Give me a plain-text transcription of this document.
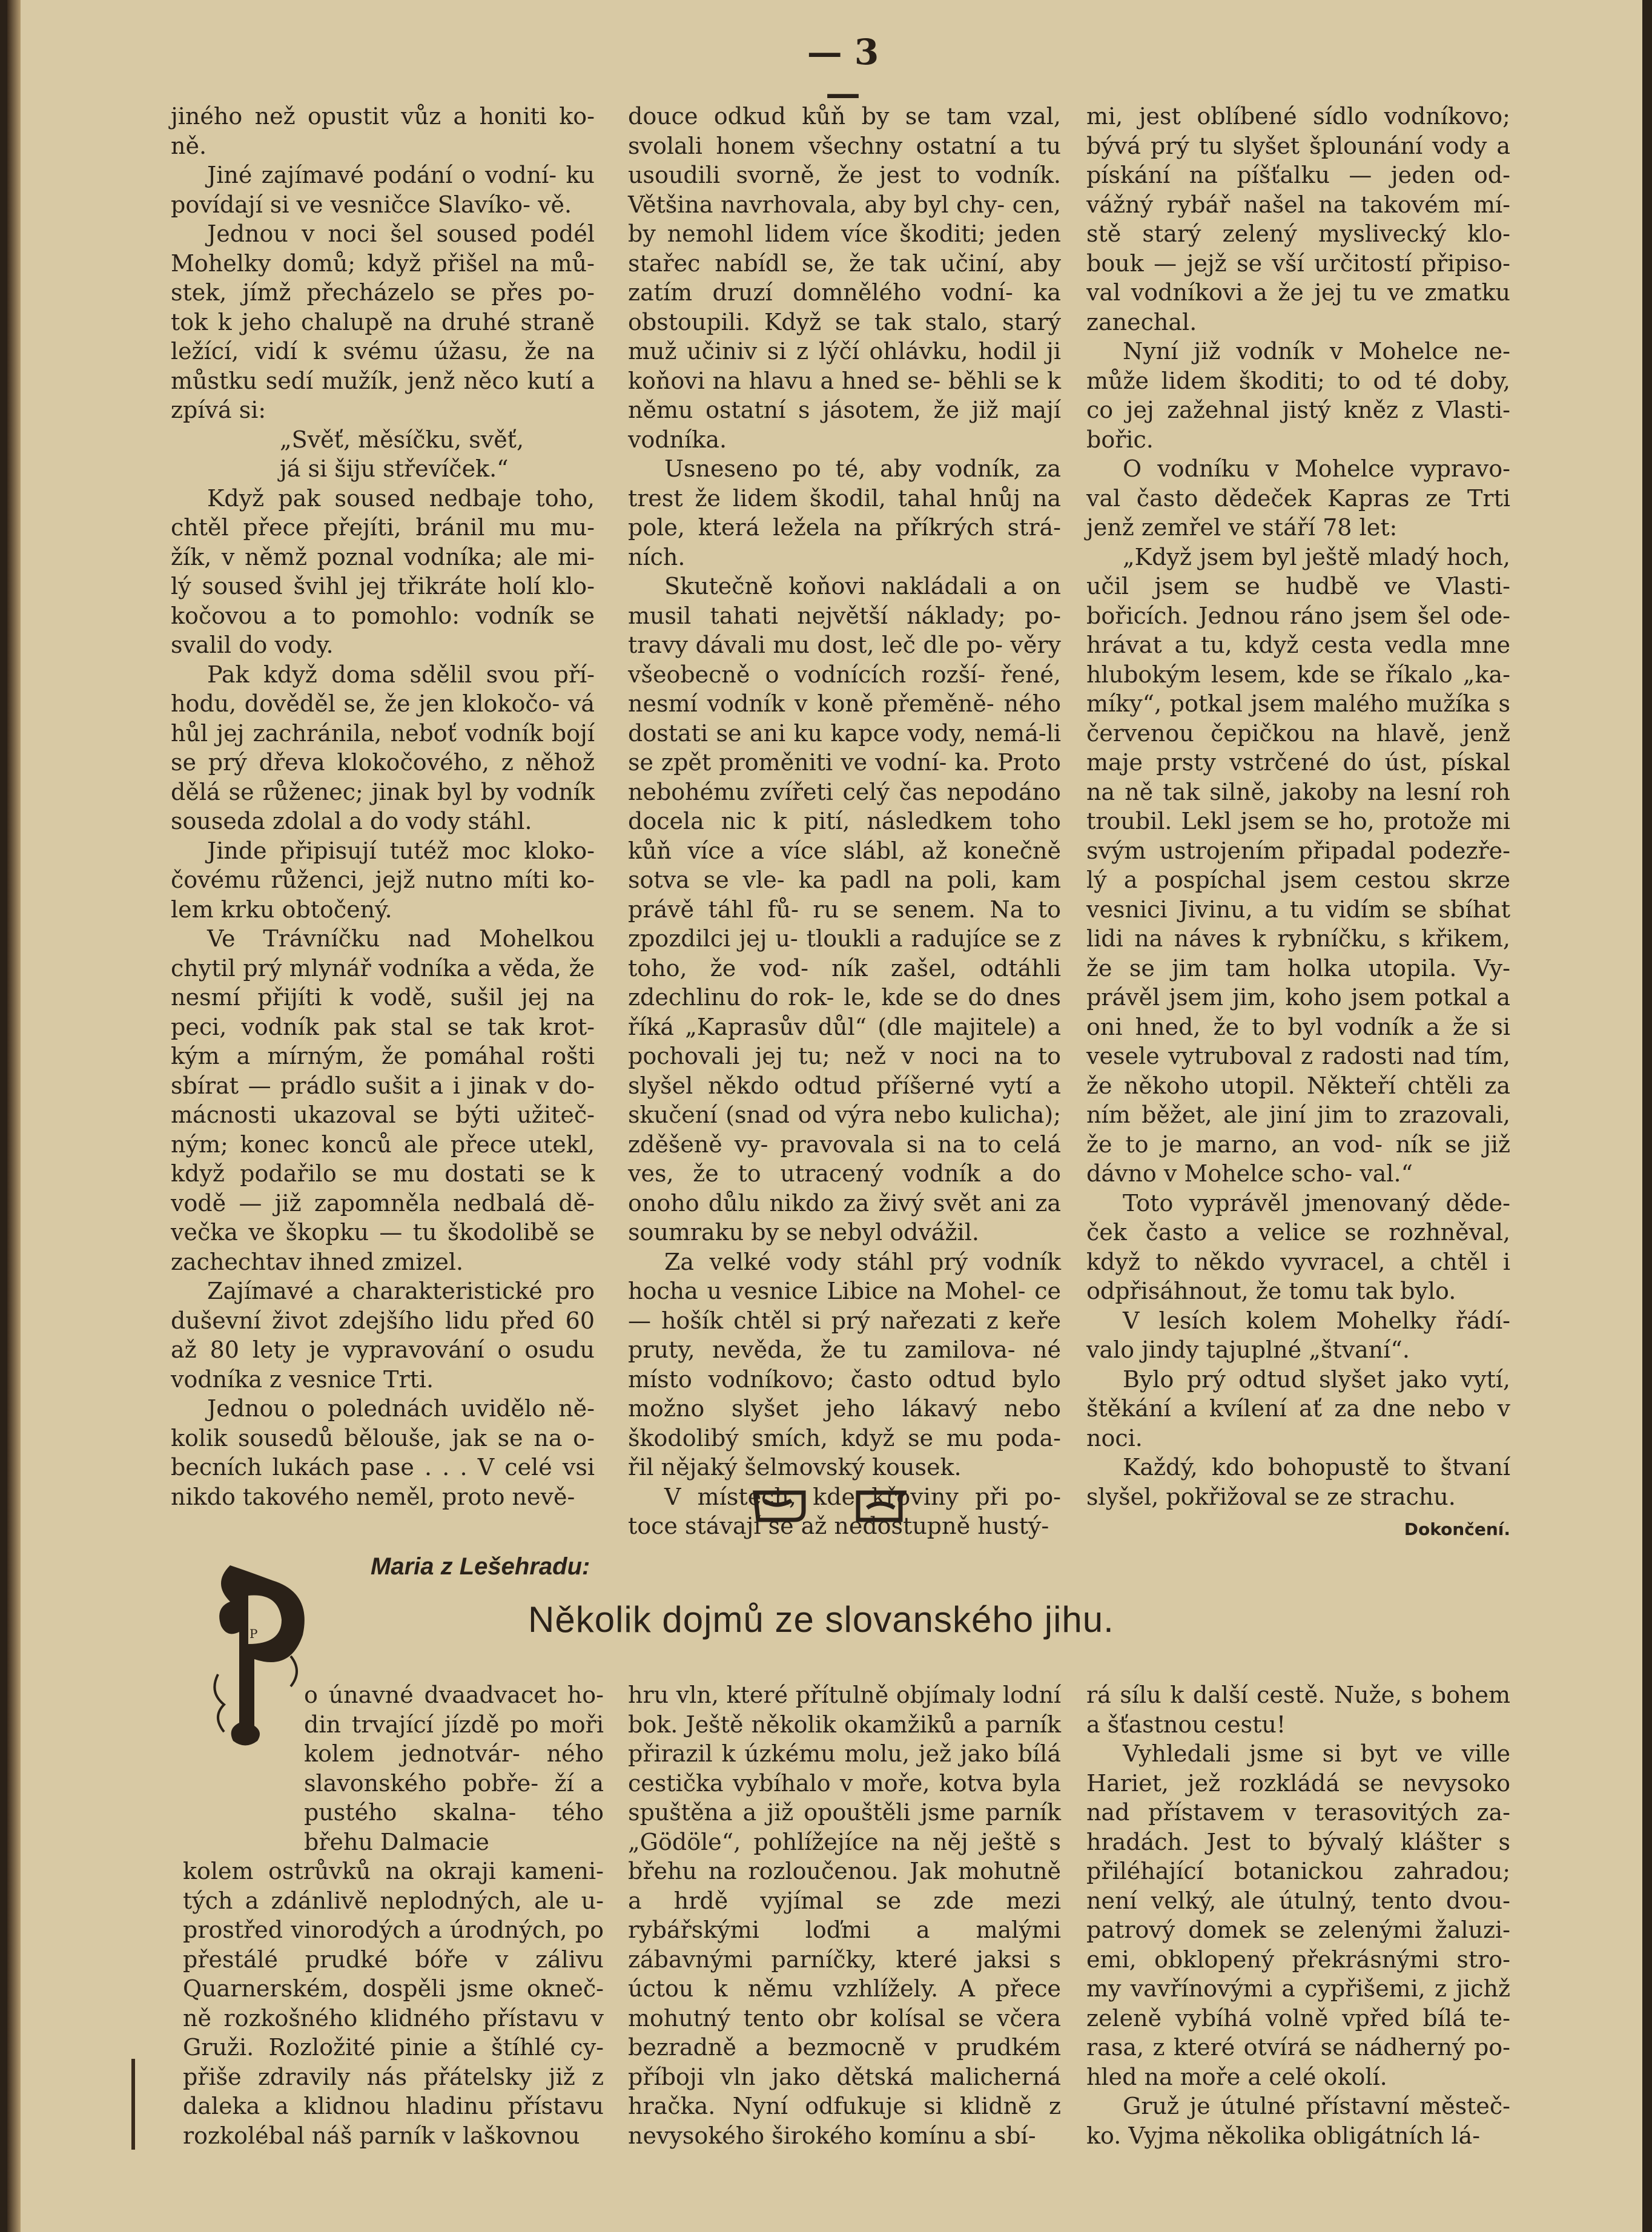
— 3 —

jiného než opustit vůz a honiti ko- ně.

Jiné zajímavé podání o vodní- ku povídají si ve vesničce Slavíko- vě.

Jednou v noci šel soused podél Mohelky domů; když přišel na mů- stek, jímž přecházelo se přes po- tok k jeho chalupě na druhé straně ležící, vidí k svému úžasu, že na můstku sedí mužík, jenž něco kutí a zpívá si:

„Svěť, měsíčku, svěť,

já si šiju střevíček.“

Když pak soused nedbaje toho, chtěl přece přejíti, bránil mu mu- žík, v němž poznal vodníka; ale mi- lý soused švihl jej třikráte holí klo- kočovou a to pomohlo: vodník se svalil do vody.

Pak když doma sdělil svou pří- hodu, dověděl se, že jen klokočo- vá hůl jej zachránila, neboť vodník bojí se prý dřeva klokočového, z něhož dělá se růženec; jinak byl by vodník souseda zdolal a do vody stáhl.

Jinde připisují tutéž moc kloko- čovému růženci, jejž nutno míti ko- lem krku obtočený.

Ve Trávníčku nad Mohelkou chytil prý mlynář vodníka a věda, že nesmí přijíti k vodě, sušil jej na peci, vodník pak stal se tak krot- kým a mírným, že pomáhal rošti sbírat — prádlo sušit a i jinak v do- mácnosti ukazoval se býti užiteč- ným; konec konců ale přece utekl, když podařilo se mu dostati se k vodě — již zapomněla nedbalá dě- večka ve škopku — tu škodolibě se zachechtav ihned zmizel.

Zajímavé a charakteristické pro duševní život zdejšího lidu před 60 až 80 lety je vypravování o osudu vodníka z vesnice Trti.

Jednou o polednách uvidělo ně- kolik sousedů bělouše, jak se na o- becních lukách pase . . . V celé vsi nikdo takového neměl, proto nevě-

douce odkud kůň by se tam vzal, svolali honem všechny ostatní a tu usoudili svorně, že jest to vodník. Většina navrhovala, aby byl chy- cen, by nemohl lidem více škoditi; jeden stařec nabídl se, že tak učiní, aby zatím druzí domnělého vodní- ka obstoupili. Když se tak stalo, starý muž učiniv si z lýčí ohlávku, hodil ji koňovi na hlavu a hned se- běhli se k němu ostatní s jásotem, že již mají vodníka.

Usneseno po té, aby vodník, za trest že lidem škodil, tahal hnůj na pole, která ležela na příkrých strá- ních.

Skutečně koňovi nakládali a on musil tahati největší náklady; po- travy dávali mu dost, leč dle po- věry všeobecně o vodnících rozší- řené, nesmí vodník v koně přeměně- ného dostati se ani ku kapce vody, nemá-li se zpět proměniti ve vodní- ka. Proto nebohému zvířeti celý čas nepodáno docela nic k pití, následkem toho kůň více a více slábl, až konečně sotva se vle- ka padl na poli, kam právě táhl fů- ru se senem. Na to zpozdilci jej u- tloukli a radujíce se z toho, že vod- ník zašel, odtáhli zdechlinu do rok- le, kde se do dnes říká „Kaprasův důl“ (dle majitele) a pochovali jej tu; než v noci na to slyšel někdo odtud příšerné vytí a skučení (snad od výra nebo kulicha); zděšeně vy- pravovala si na to celá ves, že to utracený vodník a do onoho důlu nikdo za živý svět ani za soumraku by se nebyl odvážil.

Za velké vody stáhl prý vodník hocha u vesnice Libice na Mohel- ce — hošík chtěl si prý nařezati z keře pruty, nevěda, že tu zamilova- né místo vodníkovo; často odtud bylo možno slyšet jeho lákavý nebo škodolibý smích, když se mu poda- řil nějaký šelmovský kousek.

V místech, kde křoviny při po- toce stávají se až nedostupně hustý-

mi, jest oblíbené sídlo vodníkovo; bývá prý tu slyšet šplounání vody a pískání na píšťalku — jeden od- vážný rybář našel na takovém mí- stě starý zelený myslivecký klo- bouk — jejž se vší určitostí připiso- val vodníkovi a že jej tu ve zmatku zanechal.

Nyní již vodník v Mohelce ne- může lidem škoditi; to od té doby, co jej zažehnal jistý kněz z Vlasti- bořic.

O vodníku v Mohelce vypravo- val často dědeček Kapras ze Trti jenž zemřel ve stáří 78 let:

„Když jsem byl ještě mladý hoch, učil jsem se hudbě ve Vlasti- bořicích. Jednou ráno jsem šel ode- hrávat a tu, když cesta vedla mne hlubokým lesem, kde se říkalo „ka- míky“, potkal jsem malého mužíka s červenou čepičkou na hlavě, jenž maje prsty vstrčené do úst, pískal na ně tak silně, jakoby na lesní roh troubil. Lekl jsem se ho, protože mi svým ustrojením připadal podezře- lý a pospíchal jsem cestou skrze vesnici Jivinu, a tu vidím se sbíhat lidi na náves k rybníčku, s křikem, že se jim tam holka utopila. Vy- právěl jsem jim, koho jsem potkal a oni hned, že to byl vodník a že si vesele vytruboval z radosti nad tím, že někoho utopil. Někteří chtěli za ním běžet, ale jiní jim to zrazovali, že to je marno, an vod- ník se již dávno v Mohelce scho- val.“

Toto vyprávěl jmenovaný děde- ček často a velice se rozhněval, když to někdo vyvracel, a chtěl i odpřisáhnout, že tomu tak bylo.

V lesích kolem Mohelky řádí- valo jindy tajuplné „štvaní“.

Bylo prý odtud slyšet jako vytí, štěkání a kvílení ať za dne nebo v noci.

Každý, kdo bohopustě to štvaní slyšel, pokřižoval se ze strachu.

Dokončení.

Maria z Lešehradu:
Několik dojmů ze slovanského jihu.
P

o únavné dvaadvacet ho- din trvající jízdě po moři kolem jednotvár- ného slavonského pobře- ží a pustého skalna- tého břehu Dalmacie

kolem ostrůvků na okraji kameni- tých a zdánlivě neplodných, ale u- prostřed vinorodých a úrodných, po přestálé prudké bóře v zálivu Quarnerském, dospěli jsme okneč- ně rozkošného klidného přístavu v Gruži. Rozložité pinie a štíhlé cy- přiše zdravily nás přátelsky již z daleka a klidnou hladinu přístavu rozkolébal náš parník v laškovnou

hru vln, které přítulně objímaly lodní bok. Ještě několik okamžiků a parník přirazil k úzkému molu, jež jako bílá cestička vybíhalo v moře, kotva byla spuštěna a již opouštěli jsme parník „Gödöle“, pohlížejíce na něj ještě s břehu na rozloučenou. Jak mohutně a hrdě vyjímal se zde mezi rybářskými loďmi a malými zábavnými parníčky, které jaksi s úctou k němu vzhlížely. A přece mohutný tento obr kolísal se včera bezradně a bezmocně v prudkém příboji vln jako dětská malicherná hračka. Nyní odfukuje si klidně z nevysokého širokého komínu a sbí-

rá sílu k další cestě. Nuže, s bohem a šťastnou cestu!

Vyhledali jsme si byt ve ville Hariet, jež rozkládá se nevysoko nad přístavem v terasovitých za- hradách. Jest to bývalý klášter s přiléhající botanickou zahradou; není velký, ale útulný, tento dvou- patrový domek se zelenými žaluzi- emi, obklopený překrásnými stro- my vavřínovými a cypřišemi, z jichž zeleně vybíhá volně vpřed bílá te- rasa, z které otvírá se nádherný po- hled na moře a celé okolí.

Gruž je útulné přístavní městeč- ko. Vyjma několika obligátních lá-
